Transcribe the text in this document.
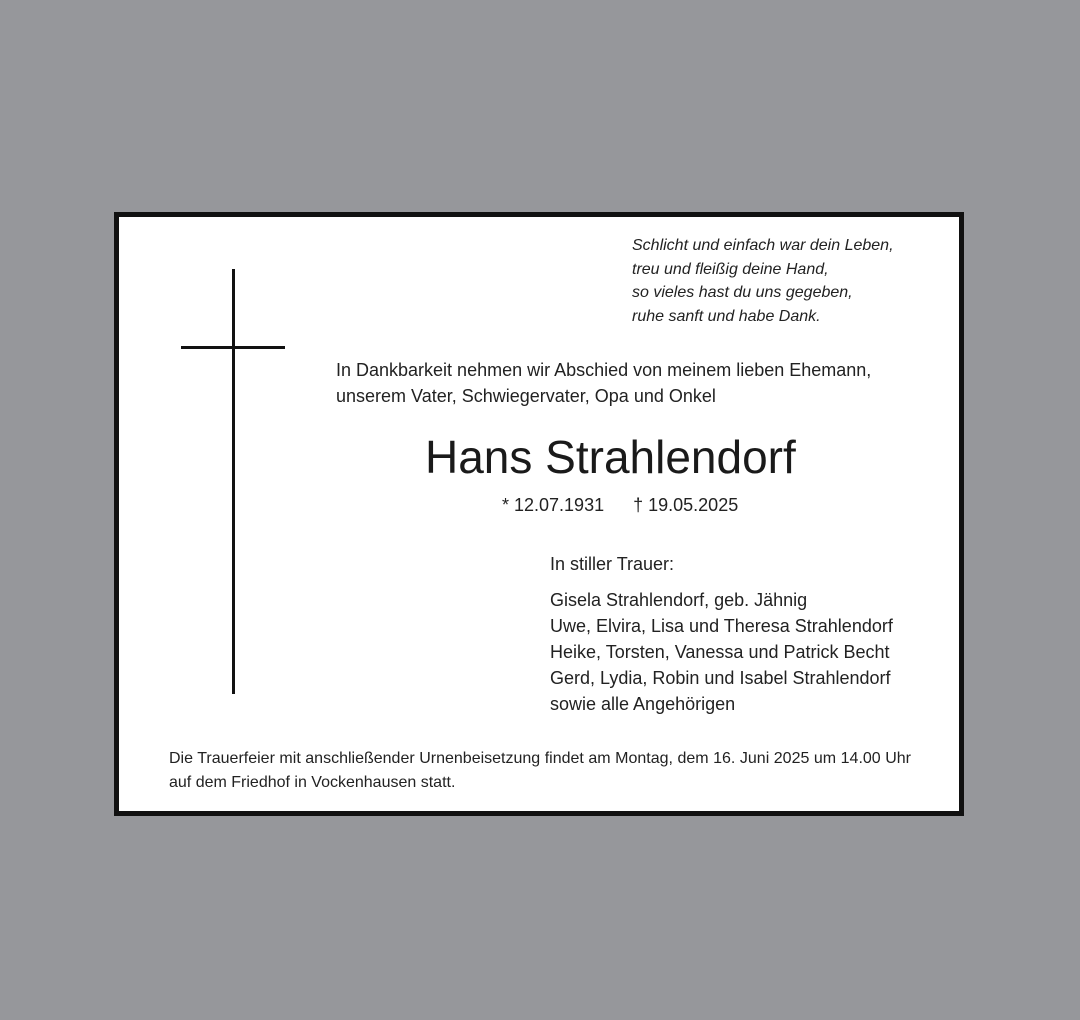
Schlicht und einfach war dein Leben,
treu und fleißig deine Hand,
so vieles hast du uns gegeben,
ruhe sanft und habe Dank.
In Dankbarkeit nehmen wir Abschied von meinem lieben Ehemann,
unserem Vater, Schwiegervater, Opa und Onkel
Hans Strahlendorf
* 12.07.1931 † 19.05.2025
In stiller Trauer:
Gisela Strahlendorf, geb. Jähnig
Uwe, Elvira, Lisa und Theresa Strahlendorf
Heike, Torsten, Vanessa und Patrick Becht
Gerd, Lydia, Robin und Isabel Strahlendorf
sowie alle Angehörigen
Die Trauerfeier mit anschließender Urnenbeisetzung findet am Montag, dem 16. Juni 2025 um 14.00 Uhr auf dem Friedhof in Vockenhausen statt.
